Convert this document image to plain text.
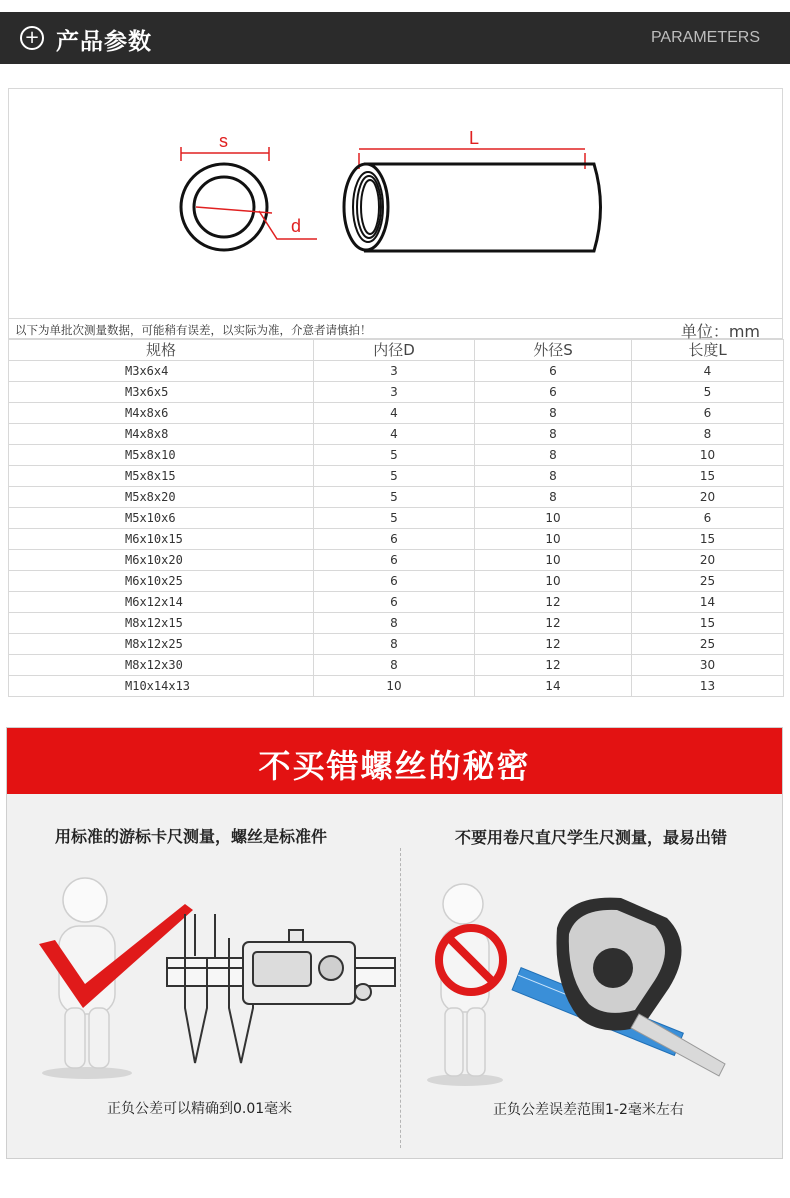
+ 产品参数	PARAMETERS
s
d
L
以下为单批次测量数据，可能稍有误差，以实际为准，介意者请慎拍！	单位：mm
规格	内径D	外径S	长度L
M3x6x4	3	6	4
M3x6x5	3	6	5
M4x8x6	4	8	6
M4x8x8	4	8	8
M5x8x10	5	8	10
M5x8x15	5	8	15
M5x8x20	5	8	20
M5x10x6	5	10	6
M6x10x15	6	10	15
M6x10x20	6	10	20
M6x10x25	6	10	25
M6x12x14	6	12	14
M8x12x15	8	12	15
M8x12x25	8	12	25
M8x12x30	8	12	30
M10x14x13	10	14	13
不买错螺丝的秘密
用标准的游标卡尺测量，螺丝是标准件	不要用卷尺直尺学生尺测量，最易出错
正负公差可以精确到0.01毫米	正负公差误差范围1-2毫米左右
